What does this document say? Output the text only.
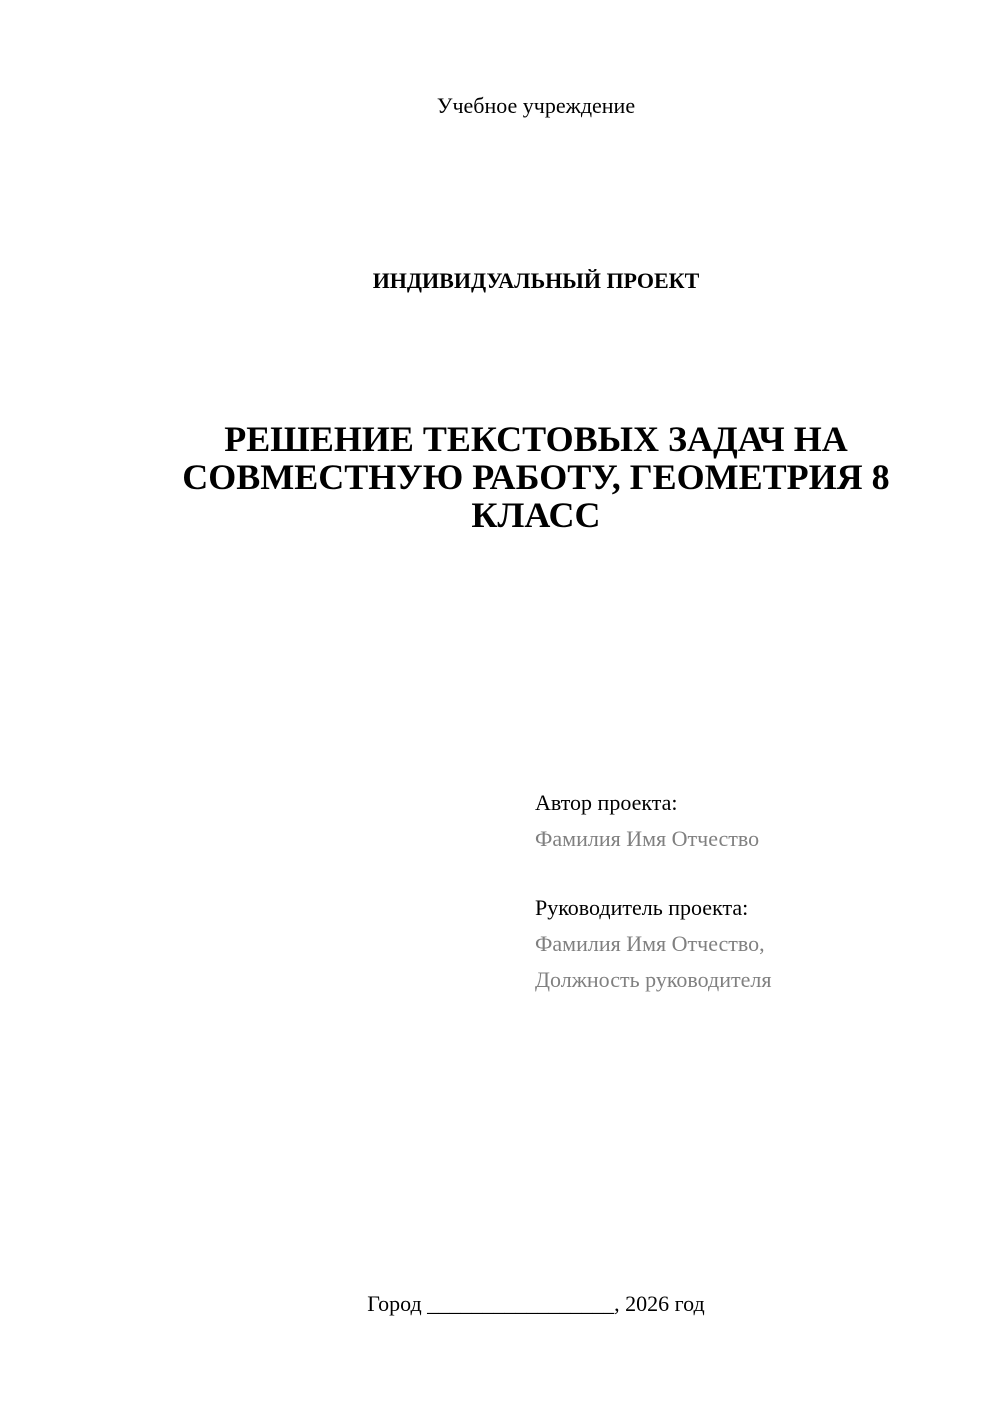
Учебное учреждение
ИНДИВИДУАЛЬНЫЙ ПРОЕКТ
РЕШЕНИЕ ТЕКСТОВЫХ ЗАДАЧ НА
СОВМЕСТНУЮ РАБОТУ, ГЕОМЕТРИЯ 8
КЛАСС
Автор проекта:
Фамилия Имя Отчество
Руководитель проекта:
Фамилия Имя Отчество,
Должность руководителя
Город _________________, 2026 год
